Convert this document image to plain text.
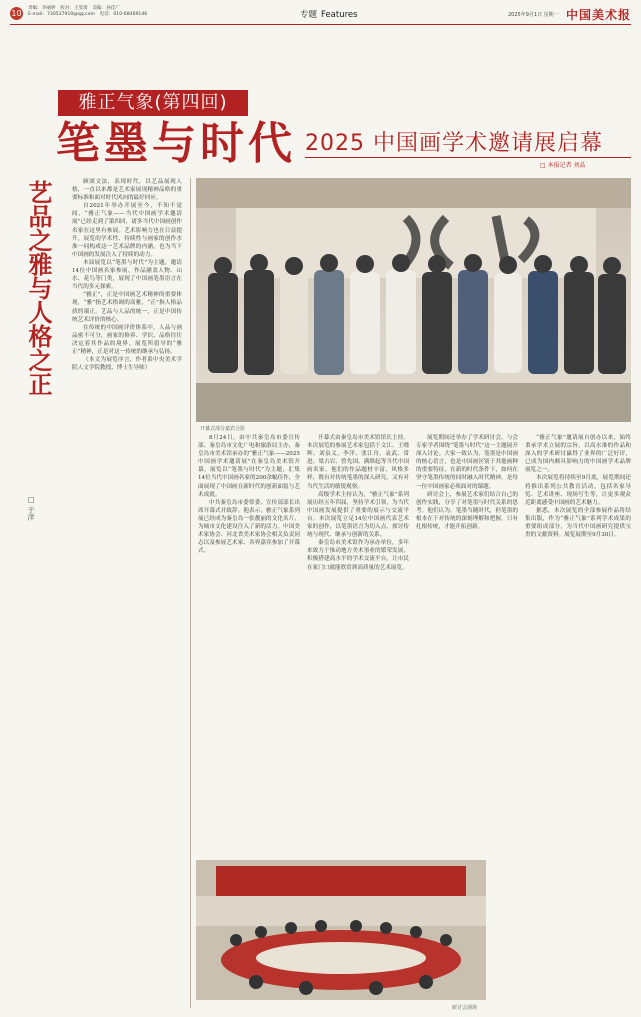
10
责编：李丽婷　校对：王雯琦　美编：孙佳广
E-mail：730537910@qq.com　电话：010-68469146	专题 Features	2025年9月1日 星期一 中国美术报
雅正气象(第四回)
笔墨与时代 2025 中国画学术邀请展启幕
□ 本报记者 刘晶
艺品之雅与人格之正
□ 于洋

顾颂文法，表现时代，以艺品展现人格，一直以来都是艺术家展现精神品格的重要标准和面对时代风向的最好回应。

自2021年举办开展至今，不知不觉间，“雅正气象——当代中国画学术邀请展”已经走到了第四回，诸多当代中国画创作名家在这里有参展。艺术影响力也在日益提升，展览的学术性、持续性与画家的创作水准一同构成这一艺术品牌的内涵，也为当下中国画的发展注入了持续的动力。

本届展览以“笔墨与时代”为主题，邀请14位中国画名家参展，作品涵盖人物、山水、花鸟等门类，展现了中国画笔墨语言在当代的多元探索。

“雅正”，正是中国画艺术精神的重要体现，“雅”指艺术格调的高雅，“正”指人格品质的端正。艺品与人品的统一，正是中国传统艺术评价的核心。

在传统的中国画评价体系中，人品与画品密不可分，画家的修养、学识、品格往往决定着其作品的境界。展览所倡导的“雅正”精神，正是对这一传统的继承与弘扬。

（本文为展览序言，作者系中央美术学院人文学院教授、博士生导师）

开幕式部分嘉宾合影

8月24日，由中共秦皇岛市委宣传部、秦皇岛市文化广电和旅游局主办，秦皇岛市美术馆承办的“雅正气象——2025中国画学术邀请展”在秦皇岛美术馆开幕。展览以“笔墨与时代”为主题，汇集14位当代中国画名家的200余幅佳作，全面展现了中国画在新时代的创新面貌与艺术成就。

中共秦皇岛市委常委、宣传部部长出席开幕式并致辞。他表示，雅正气象系列展已经成为秦皇岛一张靓丽的文化名片，为城市文化建设注入了新的活力。中国美术家协会、河北省美术家协会相关负责同志以及参展艺术家、各界嘉宾参加了开幕式。

开幕式由秦皇岛市美术馆馆长主持。本次展览的参展艺术家包括于文江、王晓辉、刘泉义、李洋、张江舟、袁武、常进、梁占岩、曾先国、满维起等当代中国画名家，他们的作品题材丰富、风格多样，既有对传统笔墨的深入研究，又有对当代生活的敏锐观察。

高级学术主持认为，“雅正气象”系列展历经五年四届，坚持学术引领，为当代中国画发展提供了重要的展示与交流平台。本次展览立足14位中国画代表艺术家的创作，以笔墨语言为切入点，探讨传统与现代、继承与创新的关系。

秦皇岛市美术馆作为承办单位，多年来致力于推动地方美术事业的繁荣发展，积极搭建高水平的学术交流平台，让市民在家门口就能欣赏到高质量的艺术展览。

展览期间还举办了学术研讨会，与会专家学者围绕“笔墨与时代”这一主题展开深入讨论。大家一致认为，笔墨是中国画的核心语言，也是中国画区别于其他画种的重要特征。在新的时代条件下，如何在坚守笔墨传统的同时融入时代精神，是每一位中国画家必须面对的课题。

研讨会上，参展艺术家们结合自己的创作实践，分享了对笔墨与时代关系的思考。他们认为，笔墨当随时代，但笔墨的根本在于对传统的深刻理解和把握，只有扎根传统，才能开拓创新。

“雅正气象”邀请展自创办以来，始终秉承学术立展的宗旨，以高水准的作品和深入的学术研讨赢得了业界的广泛好评，已成为国内颇具影响力的中国画学术品牌展览之一。

本次展览将持续至9月底，展览期间还将推出系列公共教育活动，包括名家导览、艺术讲座、现场写生等，让更多观众近距离感受中国画的艺术魅力。

据悉，本次展览的全部参展作品将结集出版，作为“雅正气象”系列学术成果的重要组成部分，为当代中国画研究提供宝贵的文献资料。展览展期至9月30日。

研讨会现场
